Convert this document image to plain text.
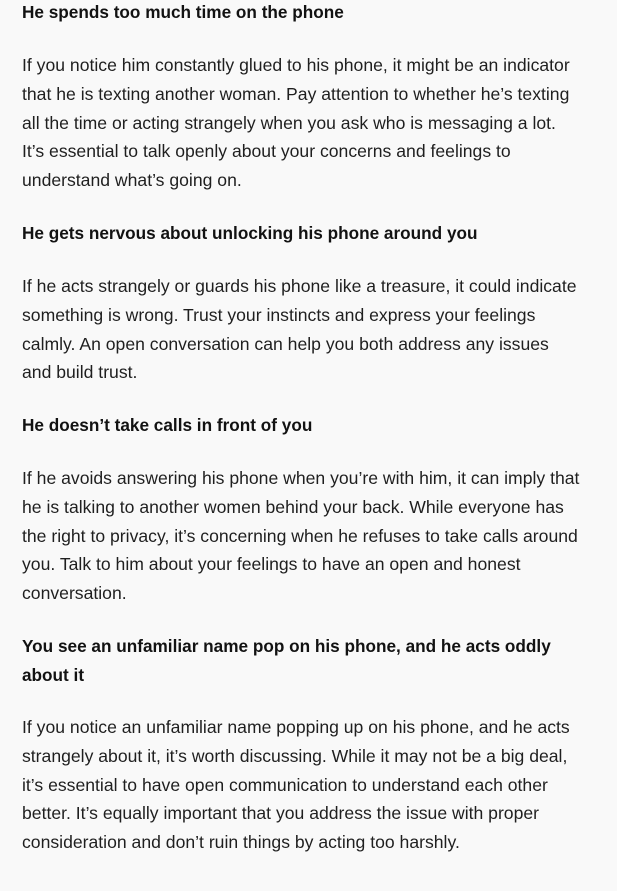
He spends too much time on the phone

If you notice him constantly glued to his phone, it might be an indicator that he is texting another woman. Pay attention to whether he’s texting all the time or acting strangely when you ask who is messaging a lot. It’s essential to talk openly about your concerns and feelings to understand what’s going on.

He gets nervous about unlocking his phone around you

If he acts strangely or guards his phone like a treasure, it could indicate something is wrong. Trust your instincts and express your feelings calmly. An open conversation can help you both address any issues and build trust.

He doesn’t take calls in front of you

If he avoids answering his phone when you’re with him, it can imply that he is talking to another women behind your back. While everyone has the right to privacy, it’s concerning when he refuses to take calls around you. Talk to him about your feelings to have an open and honest conversation.

You see an unfamiliar name pop on his phone, and he acts oddly about it

If you notice an unfamiliar name popping up on his phone, and he acts strangely about it, it’s worth discussing. While it may not be a big deal, it’s essential to have open communication to understand each other better. It’s equally important that you address the issue with proper consideration and don’t ruin things by acting too harshly.
